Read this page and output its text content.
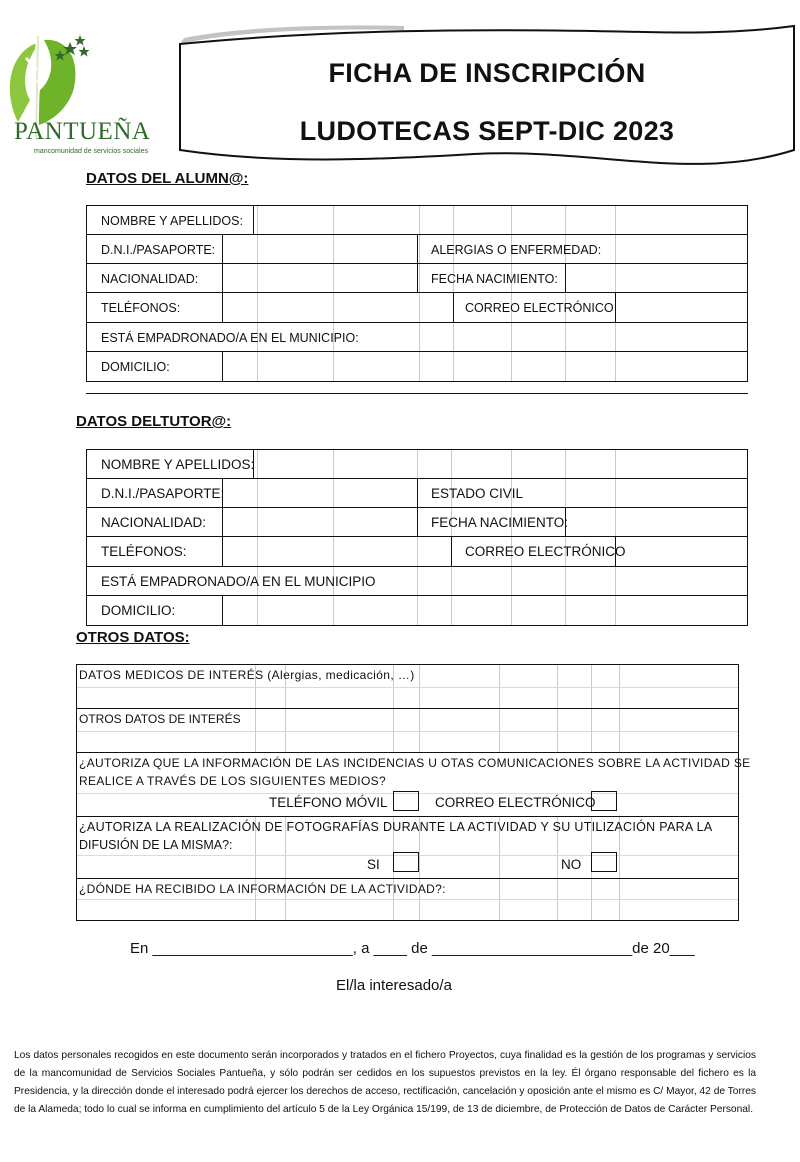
PANTUEÑA
mancomunidad de servicios sociales
FICHA DE INSCRIPCIÓN
LUDOTECAS SEPT-DIC 2023
DATOS DEL ALUMN@:
NOMBRE Y APELLIDOS:
D.N.I./PASAPORTE:	ALERGIAS O ENFERMEDAD:
NACIONALIDAD:	FECHA NACIMIENTO:
TELÉFONOS:	CORREO ELECTRÓNICO
ESTÁ EMPADRONADO/A EN EL MUNICIPIO:
DOMICILIO:
DATOS DELTUTOR@:
NOMBRE Y APELLIDOS:
D.N.I./PASAPORTE:	ESTADO CIVIL
NACIONALIDAD:	FECHA NACIMIENTO:
TELÉFONOS:	CORREO ELECTRÓNICO
ESTÁ EMPADRONADO/A EN EL MUNICIPIO
DOMICILIO:
OTROS DATOS:
DATOS MEDICOS DE INTERÉS (Alergias, medicación, …)
OTROS DATOS DE INTERÉS
¿AUTORIZA QUE LA INFORMACIÓN DE LAS INCIDENCIAS U OTAS COMUNICACIONES SOBRE LA ACTIVIDAD SE
REALICE A TRAVÉS DE LOS SIGUIENTES MEDIOS?
TELÉFONO MÓVIL	CORREO ELECTRÓNICO
¿AUTORIZA LA REALIZACIÓN DE FOTOGRAFÍAS DURANTE LA ACTIVIDAD Y SU UTILIZACIÓN PARA LA
DIFUSIÓN DE LA MISMA?:
SI	NO
¿DÓNDE HA RECIBIDO LA INFORMACIÓN DE LA ACTIVIDAD?:
En ________________________, a ____ de ________________________de 20___
El/la interesado/a
Los datos personales recogidos en este documento serán incorporados y tratados en el fichero Proyectos, cuya finalidad es la gestión de los programas y servicios de la mancomunidad de Servicios Sociales Pantueña, y sólo podrán ser cedidos en los supuestos previstos en la ley. Él órgano responsable del fichero es la Presidencia, y la dirección donde el interesado podrá ejercer los derechos de acceso, rectificación, cancelación y oposición ante el mismo es C/ Mayor, 42 de Torres de la Alameda; todo lo cual se informa en cumplimiento del artículo 5 de la Ley Orgánica 15/199, de 13 de diciembre, de Protección de Datos de Carácter Personal.
